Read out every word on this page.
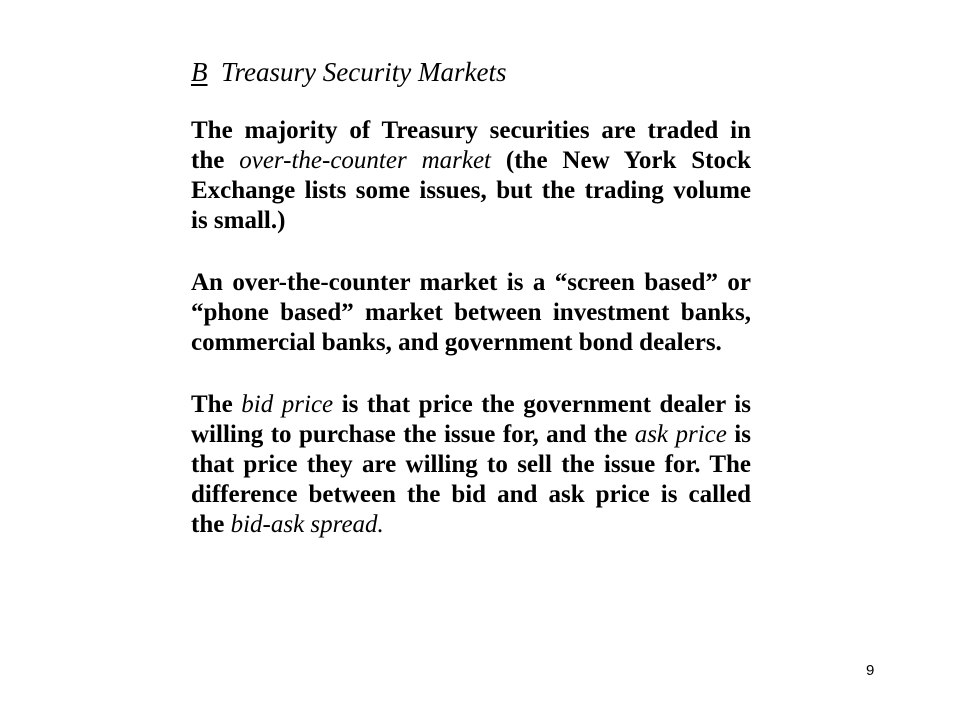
B Treasury Security Markets

The majority of Treasury securities are traded in the over-the-counter market (the New York Stock Exchange lists some issues, but the trading volume is small.)

An over-the-counter market is a “screen based” or “phone based” market between investment banks, commercial banks, and government bond dealers.

The bid price is that price the government dealer is willing to purchase the issue for, and the ask price is that price they are willing to sell the issue for. The difference between the bid and ask price is called the bid-ask spread.

9
